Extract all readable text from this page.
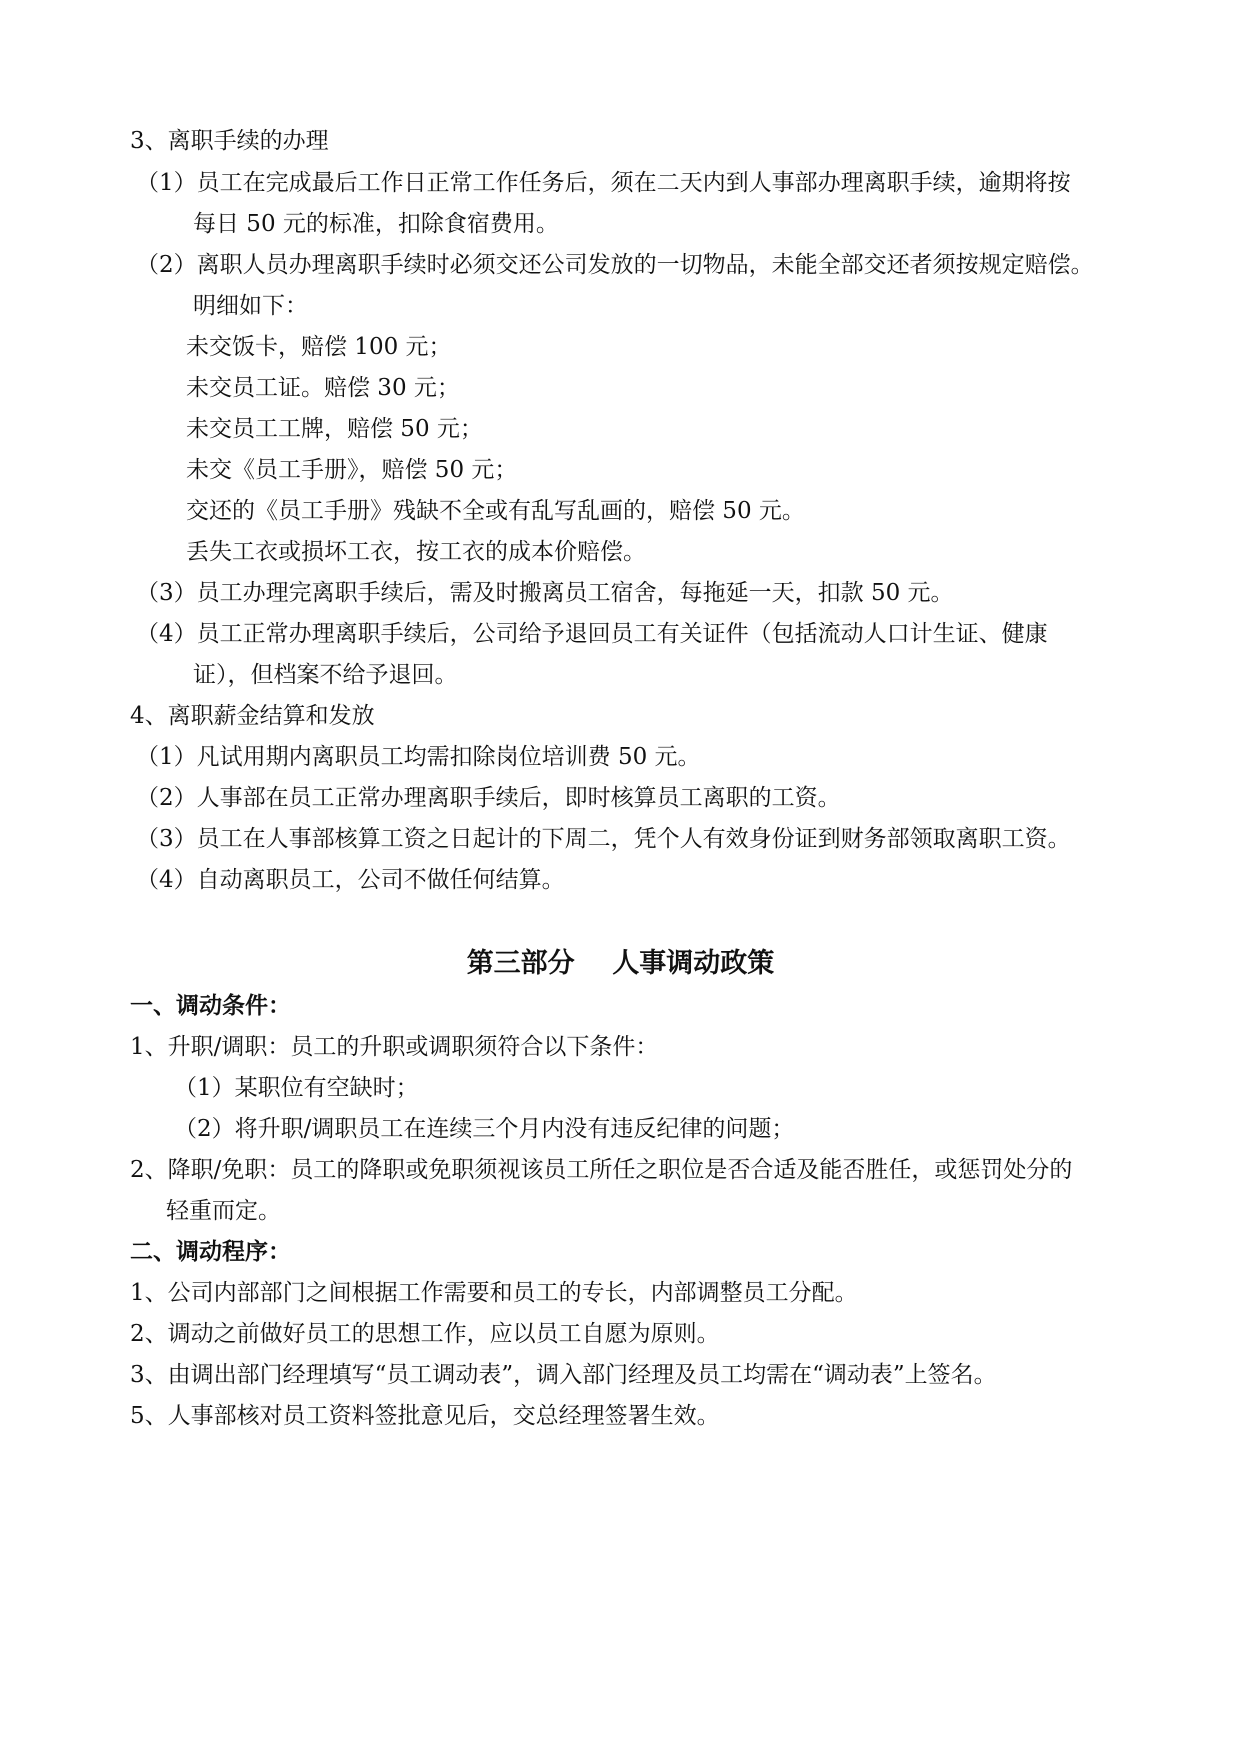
3、离职手续的办理
（1）员工在完成最后工作日正常工作任务后，须在二天内到人事部办理离职手续，逾期将按
每日 50 元的标准，扣除食宿费用。
（2）离职人员办理离职手续时必须交还公司发放的一切物品，未能全部交还者须按规定赔偿。
明细如下：
未交饭卡，赔偿 100 元；
未交员工证。赔偿 30 元；
未交员工工牌，赔偿 50 元；
未交《员工手册》，赔偿 50 元；
交还的《员工手册》残缺不全或有乱写乱画的，赔偿 50 元。
丢失工衣或损坏工衣，按工衣的成本价赔偿。
（3）员工办理完离职手续后，需及时搬离员工宿舍，每拖延一天，扣款 50 元。
（4）员工正常办理离职手续后，公司给予退回员工有关证件（包括流动人口计生证、健康
证），但档案不给予退回。
4、离职薪金结算和发放
（1）凡试用期内离职员工均需扣除岗位培训费 50 元。
（2）人事部在员工正常办理离职手续后，即时核算员工离职的工资。
（3）员工在人事部核算工资之日起计的下周二，凭个人有效身份证到财务部领取离职工资。
（4）自动离职员工，公司不做任何结算。
第三部分    人事调动政策
一、调动条件：
1、升职/调职：员工的升职或调职须符合以下条件：
（1）某职位有空缺时；
（2）将升职/调职员工在连续三个月内没有违反纪律的问题；
2、降职/免职：员工的降职或免职须视该员工所任之职位是否合适及能否胜任，或惩罚处分的
轻重而定。
二、调动程序：
1、公司内部部门之间根据工作需要和员工的专长，内部调整员工分配。
2、调动之前做好员工的思想工作，应以员工自愿为原则。
3、由调出部门经理填写“员工调动表”，调入部门经理及员工均需在“调动表”上签名。
5、人事部核对员工资料签批意见后，交总经理签署生效。
